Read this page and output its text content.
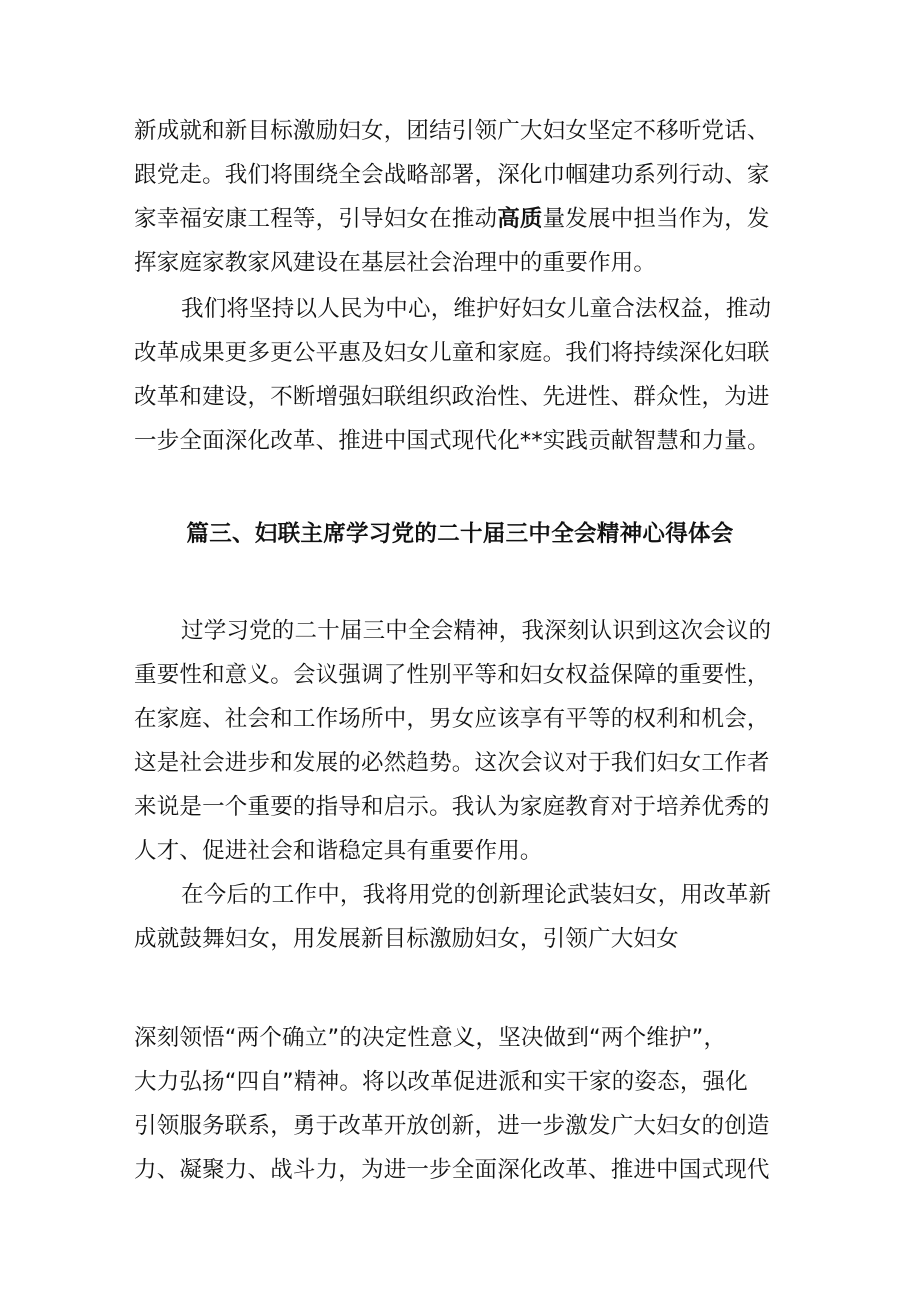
新成就和新目标激励妇女，团结引领广大妇女坚定不移听党话、
跟党走。我们将围绕全会战略部署，深化巾帼建功系列行动、家
家幸福安康工程等，引导妇女在推动高质量发展中担当作为，发
挥家庭家教家风建设在基层社会治理中的重要作用。
我们将坚持以人民为中心，维护好妇女儿童合法权益，推动
改革成果更多更公平惠及妇女儿童和家庭。我们将持续深化妇联
改革和建设，不断增强妇联组织政治性、先进性、群众性，为进
一步全面深化改革、推进中国式现代化**实践贡献智慧和力量。
篇三、妇联主席学习党的二十届三中全会精神心得体会
过学习党的二十届三中全会精神，我深刻认识到这次会议的
重要性和意义。会议强调了性别平等和妇女权益保障的重要性，
在家庭、社会和工作场所中，男女应该享有平等的权利和机会，
这是社会进步和发展的必然趋势。这次会议对于我们妇女工作者
来说是一个重要的指导和启示。我认为家庭教育对于培养优秀的
人才、促进社会和谐稳定具有重要作用。
在今后的工作中，我将用党的创新理论武装妇女，用改革新
成就鼓舞妇女，用发展新目标激励妇女，引领广大妇女
深刻领悟“两个确立”的决定性意义，坚决做到“两个维护”，
大力弘扬“四自”精神。将以改革促进派和实干家的姿态，强化
引领服务联系，勇于改革开放创新，进一步激发广大妇女的创造
力、凝聚力、战斗力，为进一步全面深化改革、推进中国式现代
